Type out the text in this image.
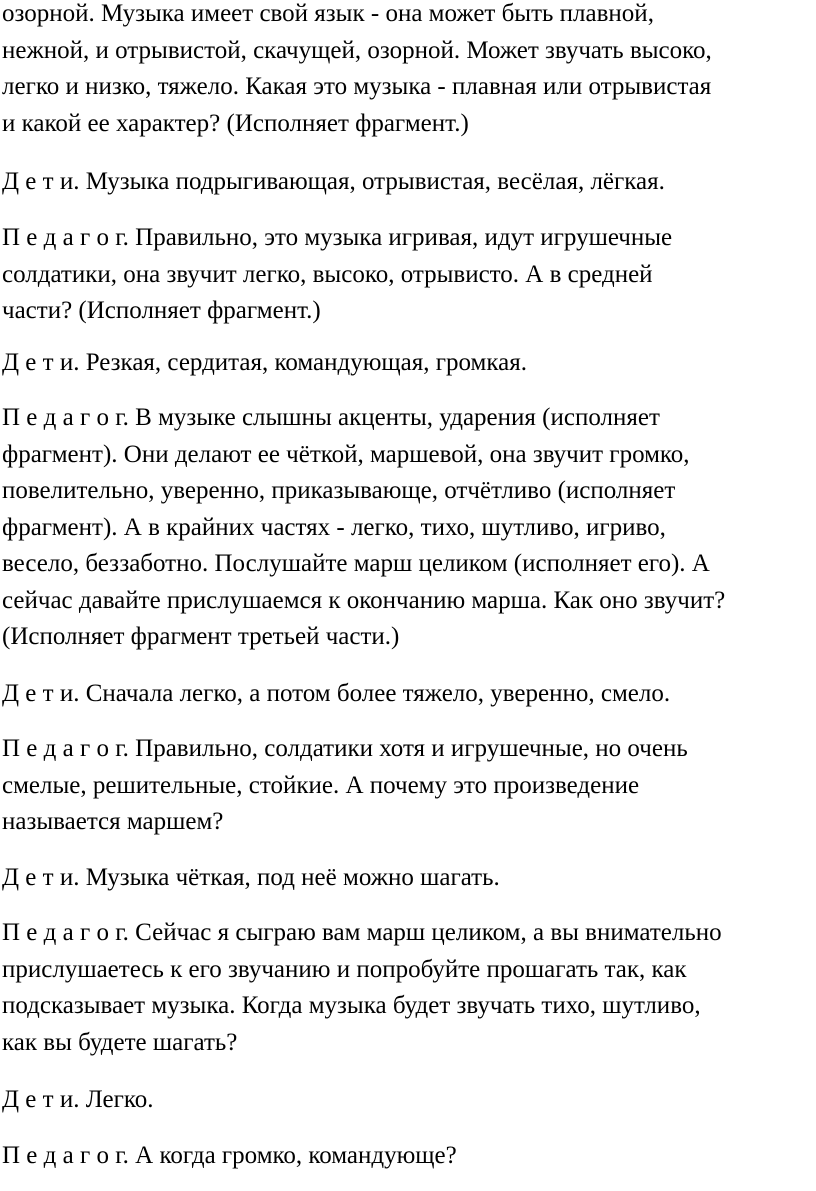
озорной. Музыка имеет свой язык - она может быть плавной,
нежной, и отрывистой, скачущей, озорной. Может звучать высоко,
легко и низко, тяжело. Какая это музыка - плавная или отрывистая
и какой ее характер? (Исполняет фрагмент.)

Д е т и. Музыка подрыгивающая, отрывистая, весёлая, лёгкая.

П е д а г о г. Правильно, это музыка игривая, идут игрушечные
солдатики, она звучит легко, высоко, отрывисто. А в средней
части? (Исполняет фрагмент.)

Д е т и. Резкая, сердитая, командующая, громкая.

П е д а г о г. В музыке слышны акценты, ударения (исполняет
фрагмент). Они делают ее чёткой, маршевой, она звучит громко,
повелительно, уверенно, приказывающе, отчётливо (исполняет
фрагмент). А в крайних частях - легко, тихо, шутливо, игриво,
весело, беззаботно. Послушайте марш целиком (исполняет его). А
сейчас давайте прислушаемся к окончанию марша. Как оно звучит?
(Исполняет фрагмент третьей части.)

Д е т и. Сначала легко, а потом более тяжело, уверенно, смело.

П е д а г о г. Правильно, солдатики хотя и игрушечные, но очень
смелые, решительные, стойкие. А почему это произведение
называется маршем?

Д е т и. Музыка чёткая, под неё можно шагать.

П е д а г о г. Сейчас я сыграю вам марш целиком, а вы внимательно
прислушаетесь к его звучанию и попробуйте прошагать так, как
подсказывает музыка. Когда музыка будет звучать тихо, шутливо,
как вы будете шагать?

Д е т и. Легко.

П е д а г о г. А когда громко, командующе?
